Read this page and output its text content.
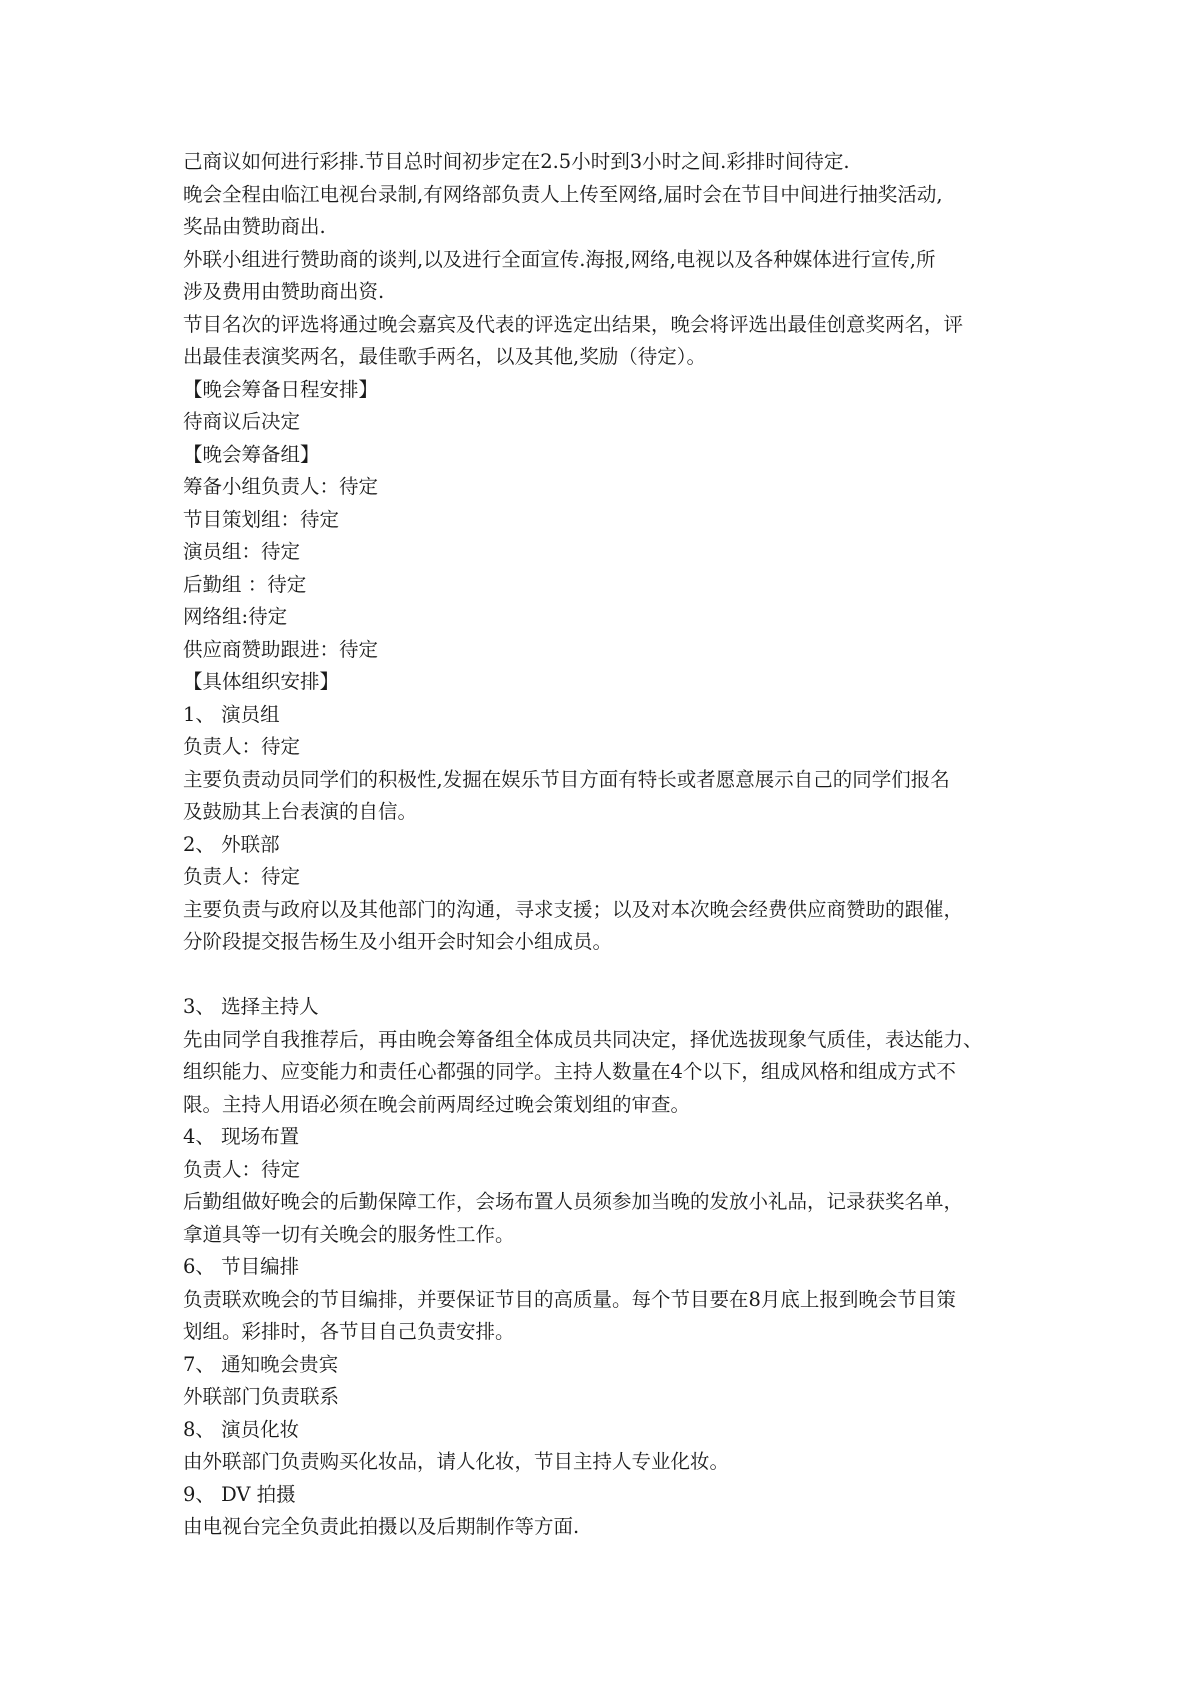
己商议如何进行彩排.节目总时间初步定在2.5小时到3小时之间.彩排时间待定.
晚会全程由临江电视台录制,有网络部负责人上传至网络,届时会在节目中间进行抽奖活动,
奖品由赞助商出.
外联小组进行赞助商的谈判,以及进行全面宣传.海报,网络,电视以及各种媒体进行宣传,所
涉及费用由赞助商出资.
节目名次的评选将通过晚会嘉宾及代表的评选定出结果，晚会将评选出最佳创意奖两名，评
出最佳表演奖两名，最佳歌手两名，以及其他,奖励（待定）。
【晚会筹备日程安排】
待商议后决定
【晚会筹备组】
筹备小组负责人：待定
节目策划组：待定
演员组：待定
后勤组 ：待定
网络组:待定
供应商赞助跟进：待定
【具体组织安排】
1、 演员组
负责人：待定
主要负责动员同学们的积极性,发掘在娱乐节目方面有特长或者愿意展示自己的同学们报名
及鼓励其上台表演的自信。
2、 外联部
负责人：待定
主要负责与政府以及其他部门的沟通，寻求支援；以及对本次晚会经费供应商赞助的跟催，
分阶段提交报告杨生及小组开会时知会小组成员。
3、 选择主持人
先由同学自我推荐后，再由晚会筹备组全体成员共同决定，择优选拔现象气质佳，表达能力、
组织能力、应变能力和责任心都强的同学。主持人数量在4个以下，组成风格和组成方式不
限。主持人用语必须在晚会前两周经过晚会策划组的审查。
4、 现场布置
负责人：待定
后勤组做好晚会的后勤保障工作，会场布置人员须参加当晚的发放小礼品，记录获奖名单，
拿道具等一切有关晚会的服务性工作。
6、 节目编排
负责联欢晚会的节目编排，并要保证节目的高质量。每个节目要在8月底上报到晚会节目策
划组。彩排时，各节目自己负责安排。
7、 通知晚会贵宾
外联部门负责联系
8、 演员化妆
由外联部门负责购买化妆品，请人化妆，节目主持人专业化妆。
9、 DV 拍摄
由电视台完全负责此拍摄以及后期制作等方面.
